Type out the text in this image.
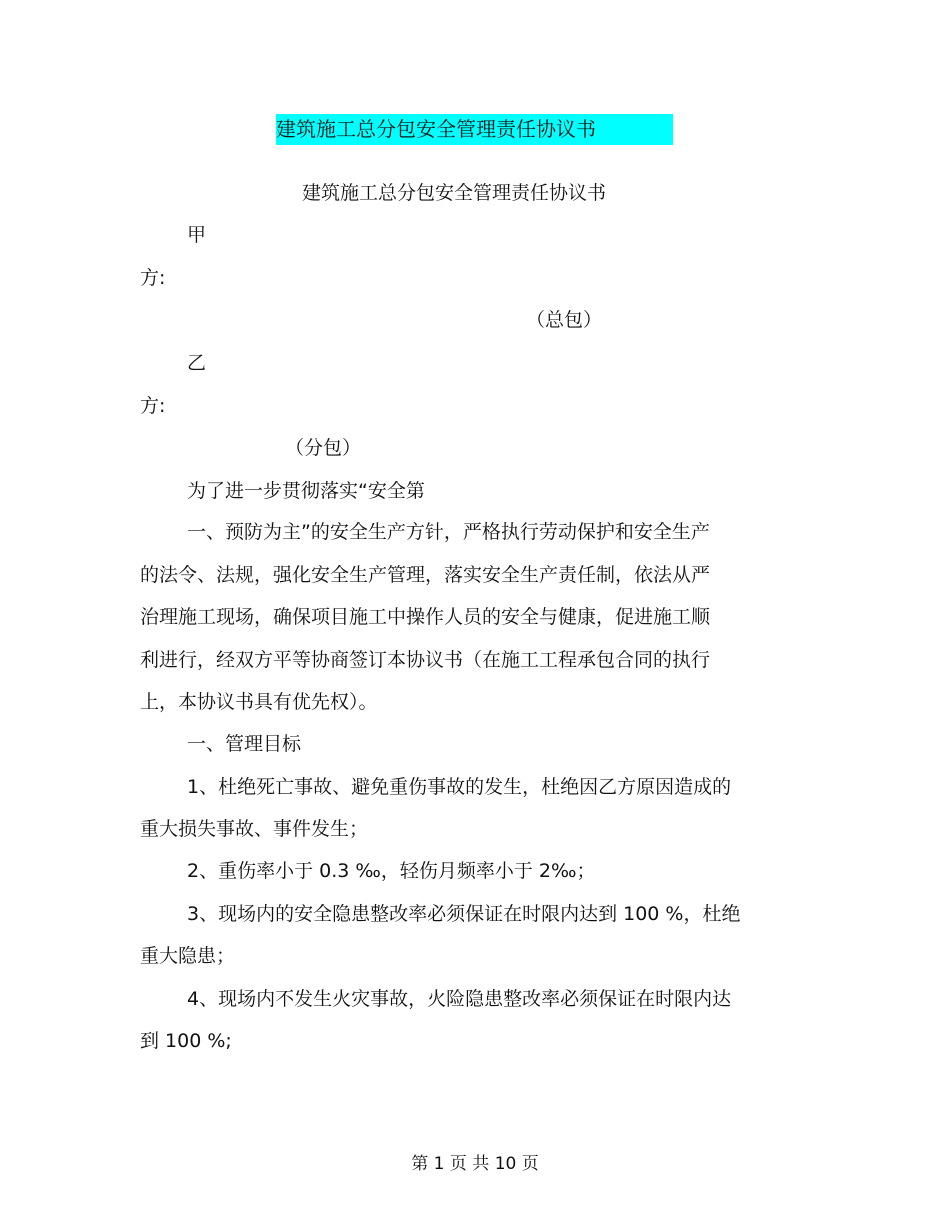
建筑施工总分包安全管理责任协议书
建筑施工总分包安全管理责任协议书
甲
方:
（总包）
乙
方:
（分包）
为了进一步贯彻落实“安全第
一、预防为主”的安全生产方针，严格执行劳动保护和安全生产
的法令、法规，强化安全生产管理，落实安全生产责任制，依法从严
治理施工现场，确保项目施工中操作人员的安全与健康，促进施工顺
利进行，经双方平等协商签订本协议书（在施工工程承包合同的执行
上，本协议书具有优先权）。
一、管理目标
1、杜绝死亡事故、避免重伤事故的发生，杜绝因乙方原因造成的
重大损失事故、事件发生；
2、重伤率小于 0.3 ‰，轻伤月频率小于 2‰；
3、现场内的安全隐患整改率必须保证在时限内达到 100 %，杜绝
重大隐患；
4、现场内不发生火灾事故，火险隐患整改率必须保证在时限内达
到 100 %;
第 1 页 共 10 页
